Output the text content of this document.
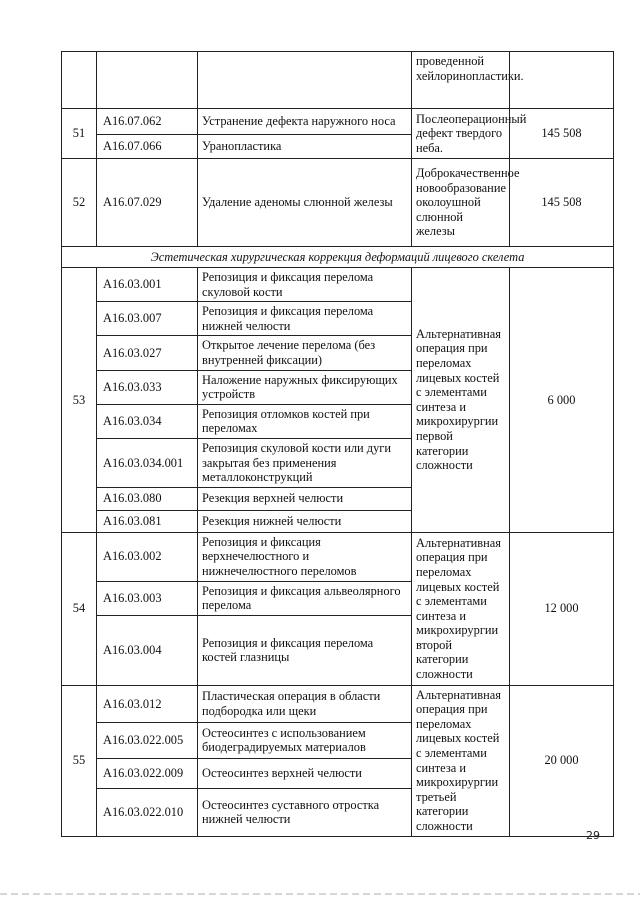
			проведенной хейлоринопластики.	
51	A16.07.062	Устранение дефекта наружного носа	Послеоперационный дефект твердого неба.	145 508
	A16.07.066	Уранопластика		
52	A16.07.029	Удаление аденомы слюнной железы	Доброкачественное новообразование околоушной слюнной железы	145 508
Эстетическая хирургическая коррекция деформаций лицевого скелета				
53	A16.03.001	Репозиция и фиксация перелома скуловой кости	Альтернативная операция при переломах лицевых костей с элементами синтеза и микрохирургии первой категории сложности	6 000
	A16.03.007	Репозиция и фиксация перелома нижней челюсти		
	A16.03.027	Открытое лечение перелома (без внутренней фиксации)		
	A16.03.033	Наложение наружных фиксирующих устройств		
	A16.03.034	Репозиция отломков костей при переломах		
	A16.03.034.001	Репозиция скуловой кости или дуги закрытая без применения металлоконструкций		
	A16.03.080	Резекция верхней челюсти		
	A16.03.081	Резекция нижней челюсти		
54	A16.03.002	Репозиция и фиксация верхнечелюстного и нижнечелюстного переломов	Альтернативная операция при переломах лицевых костей с элементами синтеза и микрохирургии второй категории сложности	12 000
	A16.03.003	Репозиция и фиксация альвеолярного перелома		
	A16.03.004	Репозиция и фиксация перелома костей глазницы		
55	A16.03.012	Пластическая операция в области подбородка или щеки	Альтернативная операция при переломах лицевых костей с элементами синтеза и микрохирургии третьей категории сложности	20 000
	A16.03.022.005	Остеосинтез с использованием биодеградируемых материалов		
	A16.03.022.009	Остеосинтез верхней челюсти		
	A16.03.022.010	Остеосинтез суставного отростка нижней челюсти		
29
